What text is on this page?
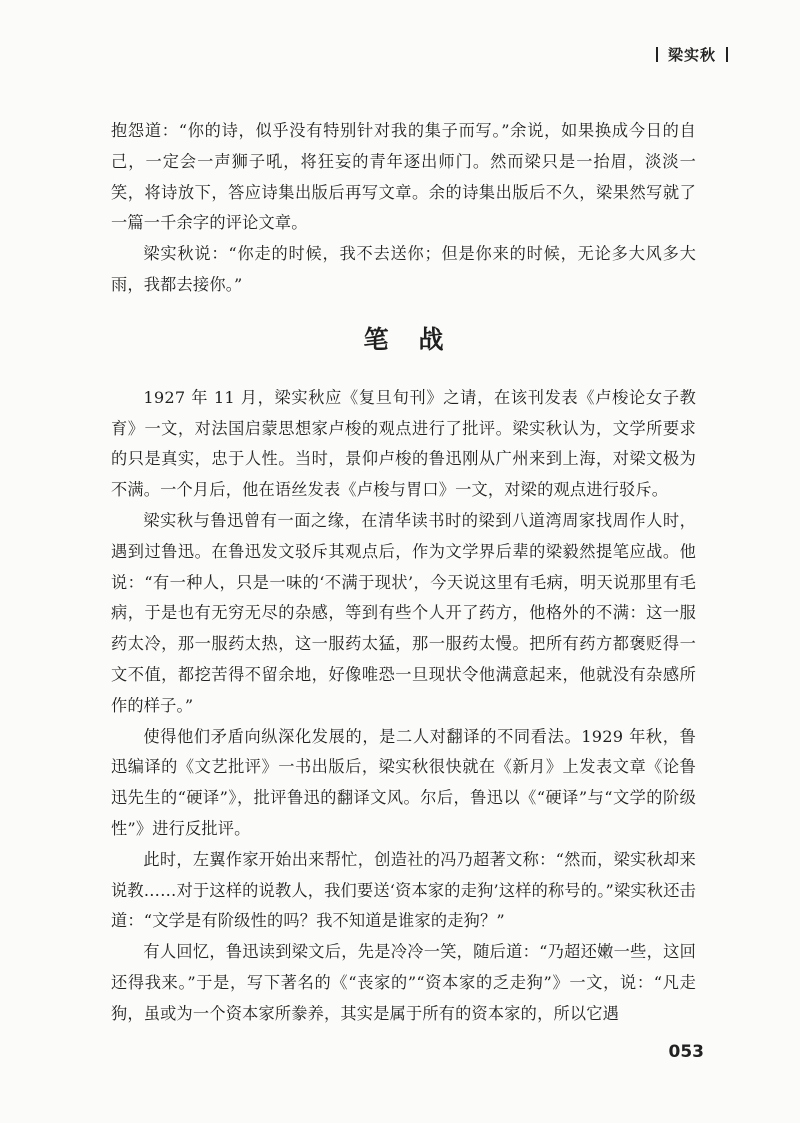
梁实秋

抱怨道：“你的诗，似乎没有特别针对我的集子而写。”余说，如果换成今日的自己，一定会一声狮子吼，将狂妄的青年逐出师门。然而梁只是一抬眉，淡淡一笑，将诗放下，答应诗集出版后再写文章。余的诗集出版后不久，梁果然写就了一篇一千余字的评论文章。

梁实秋说：“你走的时候，我不去送你；但是你来的时候，无论多大风多大雨，我都去接你。”

笔战

1927 年 11 月，梁实秋应《复旦旬刊》之请，在该刊发表《卢梭论女子教育》一文，对法国启蒙思想家卢梭的观点进行了批评。梁实秋认为，文学所要求的只是真实，忠于人性。当时，景仰卢梭的鲁迅刚从广州来到上海，对梁文极为不满。一个月后，他在语丝发表《卢梭与胃口》一文，对梁的观点进行驳斥。

梁实秋与鲁迅曾有一面之缘，在清华读书时的梁到八道湾周家找周作人时，遇到过鲁迅。在鲁迅发文驳斥其观点后，作为文学界后辈的梁毅然提笔应战。他说：“有一种人，只是一味的‘不满于现状’，今天说这里有毛病，明天说那里有毛病，于是也有无穷无尽的杂感，等到有些个人开了药方，他格外的不满：这一服药太冷，那一服药太热，这一服药太猛，那一服药太慢。把所有药方都褒贬得一文不值，都挖苦得不留余地，好像唯恐一旦现状令他满意起来，他就没有杂感所作的样子。”

使得他们矛盾向纵深化发展的，是二人对翻译的不同看法。1929 年秋，鲁迅编译的《文艺批评》一书出版后，梁实秋很快就在《新月》上发表文章《论鲁迅先生的“硬译”》，批评鲁迅的翻译文风。尔后，鲁迅以《“硬译”与“文学的阶级性”》进行反批评。

此时，左翼作家开始出来帮忙，创造社的冯乃超著文称：“然而，梁实秋却来说教……对于这样的说教人，我们要送‘资本家的走狗’这样的称号的。”梁实秋还击道：“文学是有阶级性的吗？我不知道是谁家的走狗？”

有人回忆，鲁迅读到梁文后，先是冷冷一笑，随后道：“乃超还嫩一些，这回还得我来。”于是，写下著名的《“丧家的”“资本家的乏走狗”》一文，说：“凡走狗，虽或为一个资本家所豢养，其实是属于所有的资本家的，所以它遇

053
